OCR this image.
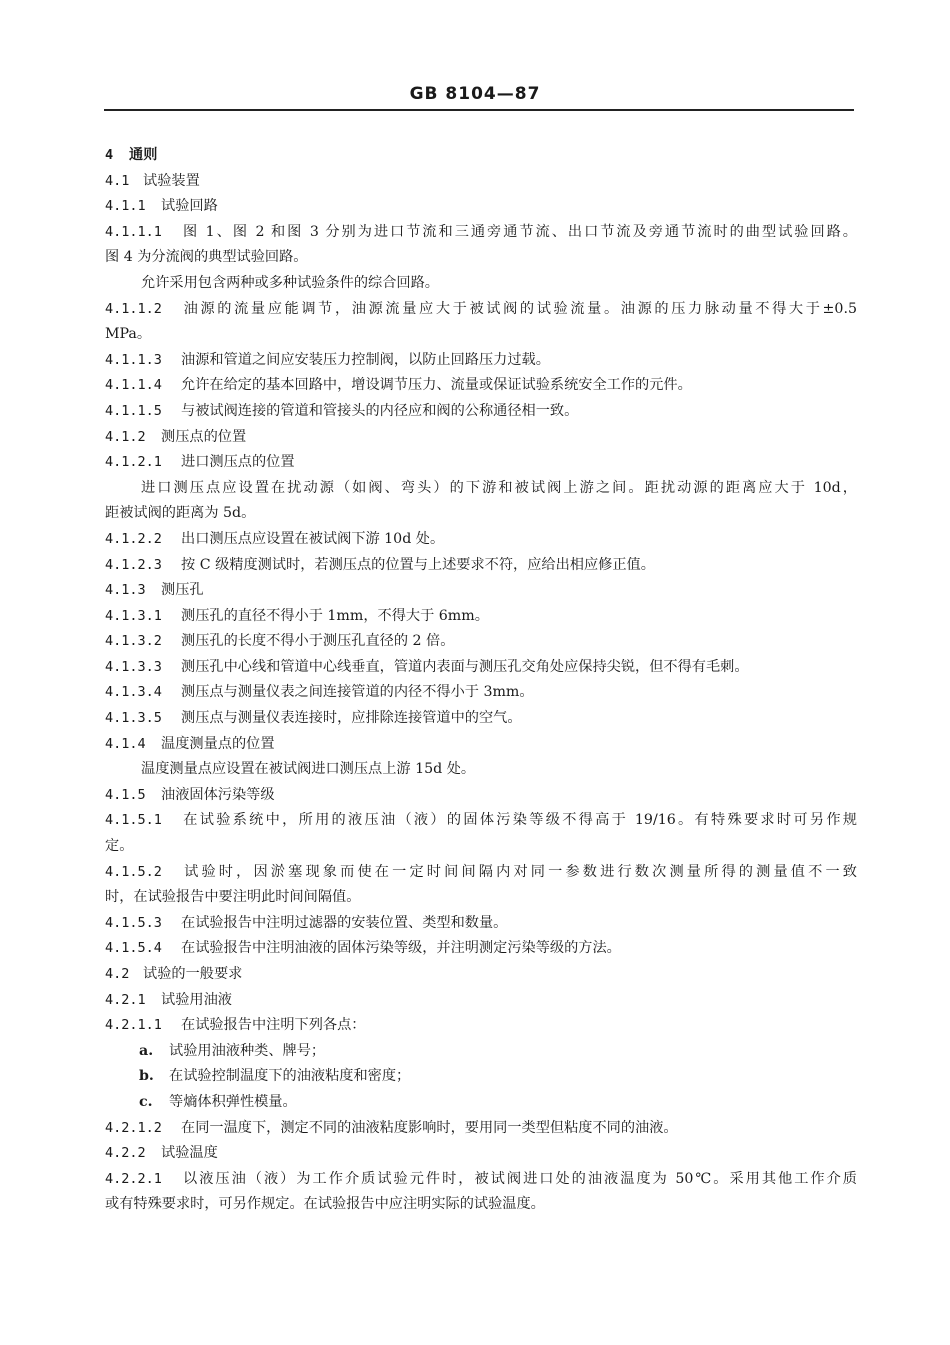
GB 8104—87
4 通则
4.1 试验装置
4.1.1 试验回路
4.1.1.1 图 1、图 2 和图 3 分别为进口节流和三通旁通节流、出口节流及旁通节流时的曲型试验回路。
图 4 为分流阀的典型试验回路。
允许采用包含两种或多种试验条件的综合回路。
4.1.1.2 油源的流量应能调节，油源流量应大于被试阀的试验流量。油源的压力脉动量不得大于±0.5
MPa。
4.1.1.3 油源和管道之间应安装压力控制阀，以防止回路压力过载。
4.1.1.4 允许在给定的基本回路中，增设调节压力、流量或保证试验系统安全工作的元件。
4.1.1.5 与被试阀连接的管道和管接头的内径应和阀的公称通径相一致。
4.1.2 测压点的位置
4.1.2.1 进口测压点的位置
进口测压点应设置在扰动源（如阀、弯头）的下游和被试阀上游之间。距扰动源的距离应大于 10d，
距被试阀的距离为 5d。
4.1.2.2 出口测压点应设置在被试阀下游 10d 处。
4.1.2.3 按 C 级精度测试时，若测压点的位置与上述要求不符，应给出相应修正值。
4.1.3 测压孔
4.1.3.1 测压孔的直径不得小于 1mm，不得大于 6mm。
4.1.3.2 测压孔的长度不得小于测压孔直径的 2 倍。
4.1.3.3 测压孔中心线和管道中心线垂直，管道内表面与测压孔交角处应保持尖锐，但不得有毛刺。
4.1.3.4 测压点与测量仪表之间连接管道的内径不得小于 3mm。
4.1.3.5 测压点与测量仪表连接时，应排除连接管道中的空气。
4.1.4 温度测量点的位置
温度测量点应设置在被试阀进口测压点上游 15d 处。
4.1.5 油液固体污染等级
4.1.5.1 在试验系统中，所用的液压油（液）的固体污染等级不得高于 19/16。有特殊要求时可另作规
定。
4.1.5.2 试验时，因淤塞现象而使在一定时间间隔内对同一参数进行数次测量所得的测量值不一致
时，在试验报告中要注明此时间间隔值。
4.1.5.3 在试验报告中注明过滤器的安装位置、类型和数量。
4.1.5.4 在试验报告中注明油液的固体污染等级，并注明测定污染等级的方法。
4.2 试验的一般要求
4.2.1 试验用油液
4.2.1.1 在试验报告中注明下列各点：
a. 试验用油液种类、牌号；
b. 在试验控制温度下的油液粘度和密度；
c. 等熵体积弹性模量。
4.2.1.2 在同一温度下，测定不同的油液粘度影响时，要用同一类型但粘度不同的油液。
4.2.2 试验温度
4.2.2.1 以液压油（液）为工作介质试验元件时，被试阀进口处的油液温度为 50℃。采用其他工作介质
或有特殊要求时，可另作规定。在试验报告中应注明实际的试验温度。
